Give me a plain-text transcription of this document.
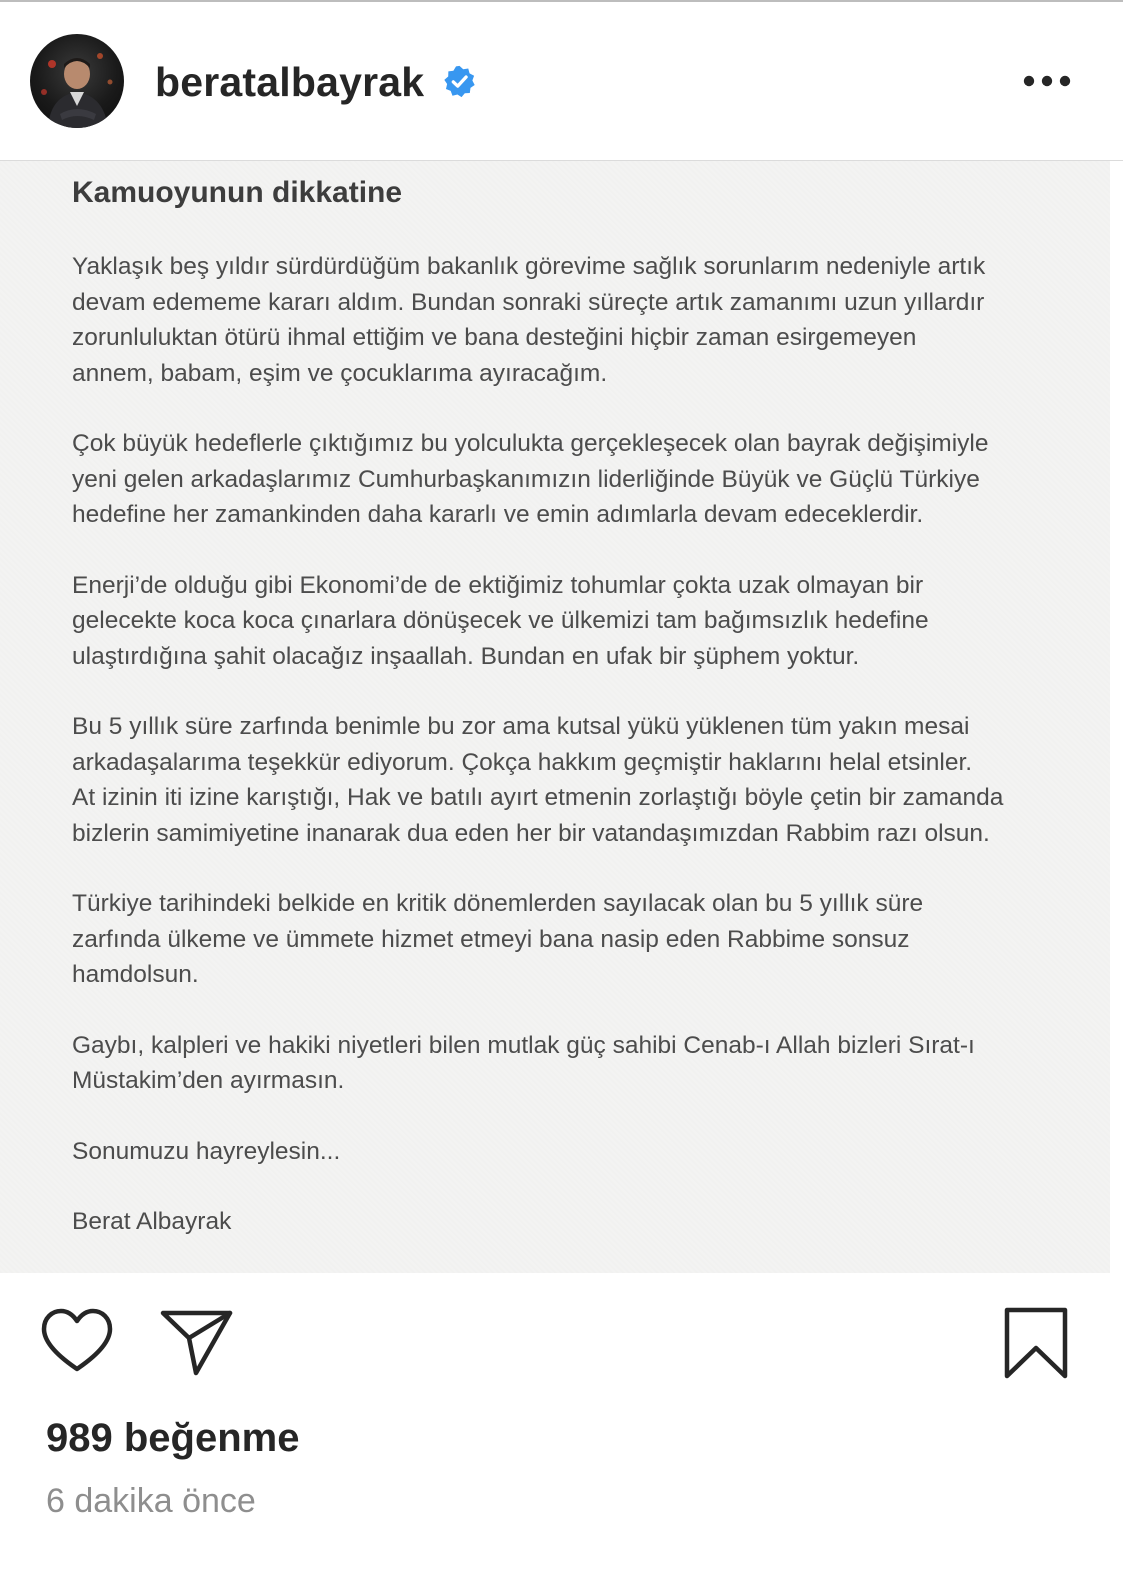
beratalbayrak
Kamuoyunun dikkatine
Yaklaşık beş yıldır sürdürdüğüm bakanlık görevime sağlık sorunlarım nedeniyle artık
devam edememe kararı aldım. Bundan sonraki süreçte artık zamanımı uzun yıllardır
zorunluluktan ötürü ihmal ettiğim ve bana desteğini hiçbir zaman esirgemeyen
annem, babam, eşim ve çocuklarıma ayıracağım.
Çok büyük hedeflerle çıktığımız bu yolculukta gerçekleşecek olan bayrak değişimiyle
yeni gelen arkadaşlarımız Cumhurbaşkanımızın liderliğinde Büyük ve Güçlü Türkiye
hedefine her zamankinden daha kararlı ve emin adımlarla devam edeceklerdir.
Enerji’de olduğu gibi Ekonomi’de de ektiğimiz tohumlar çokta uzak olmayan bir
gelecekte koca koca çınarlara dönüşecek ve ülkemizi tam bağımsızlık hedefine
ulaştırdığına şahit olacağız inşaallah. Bundan en ufak bir şüphem yoktur.
Bu 5 yıllık süre zarfında benimle bu zor ama kutsal yükü yüklenen tüm yakın mesai
arkadaşalarıma teşekkür ediyorum. Çokça hakkım geçmiştir haklarını helal etsinler.
At izinin iti izine karıştığı, Hak ve batılı ayırt etmenin zorlaştığı böyle çetin bir zamanda
bizlerin samimiyetine inanarak dua eden her bir vatandaşımızdan Rabbim razı olsun.
Türkiye tarihindeki belkide en kritik dönemlerden sayılacak olan bu 5 yıllık süre
zarfında ülkeme ve ümmete hizmet etmeyi bana nasip eden Rabbime sonsuz
hamdolsun.
Gaybı, kalpleri ve hakiki niyetleri bilen mutlak güç sahibi Cenab-ı Allah bizleri Sırat-ı
Müstakim’den ayırmasın.
Sonumuzu hayreylesin...
Berat Albayrak
989 beğenme
6 dakika önce
